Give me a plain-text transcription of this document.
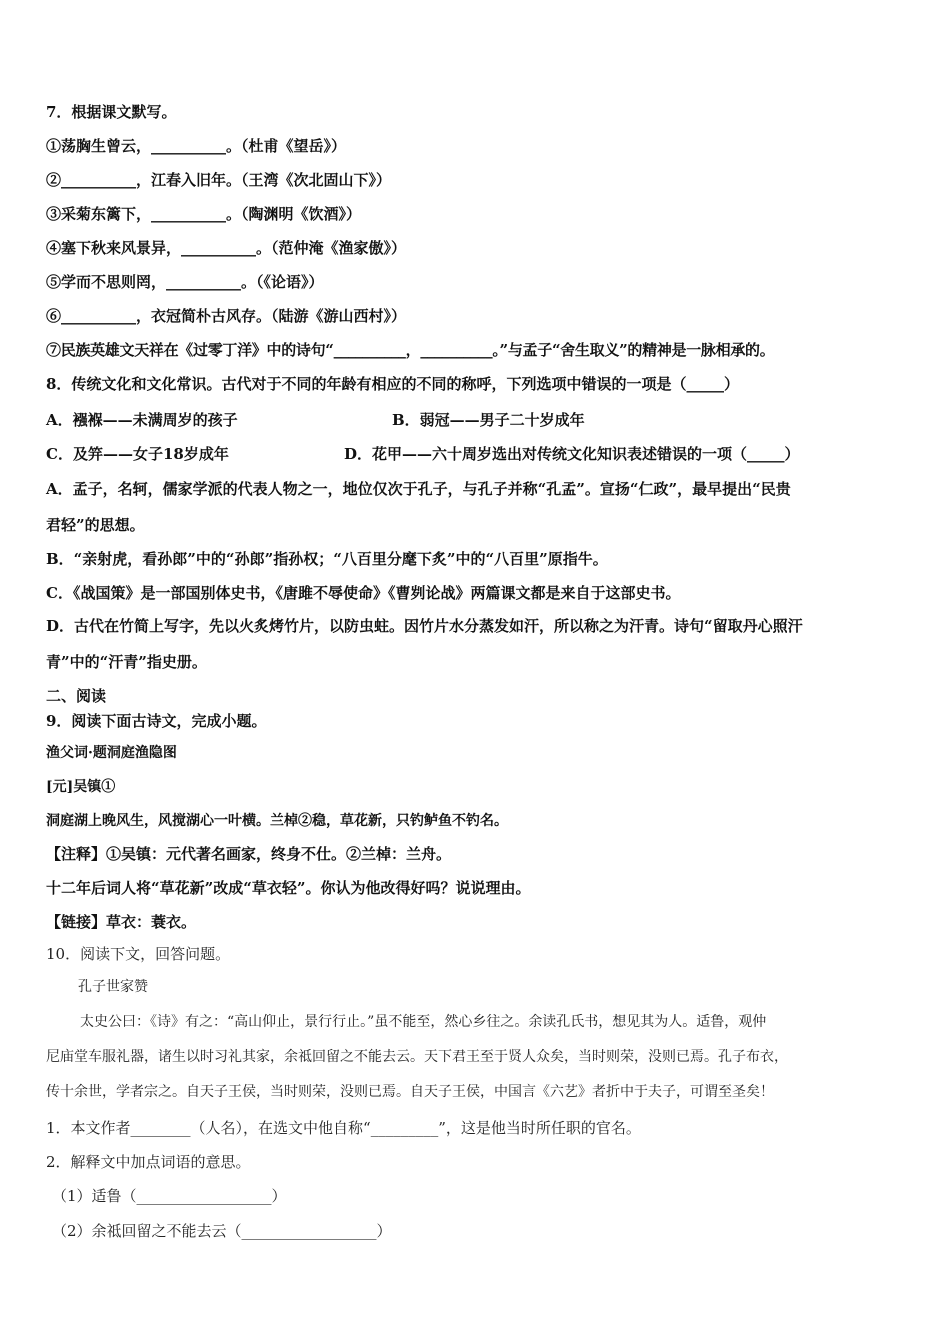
7．根据课文默写。
①荡胸生曾云，__________。（杜甫《望岳》）
②__________，江春入旧年。（王湾《次北固山下》）
③采菊东篱下，__________。（陶渊明《饮酒》）
④塞下秋来风景异，__________。（范仲淹《渔家傲》）
⑤学而不思则罔，__________。（《论语》）
⑥__________，衣冠简朴古风存。（陆游《游山西村》）
⑦民族英雄文天祥在《过零丁洋》中的诗句“__________，__________。”与孟子“舍生取义”的精神是一脉相承的。
8．传统文化和文化常识。古代对于不同的年龄有相应的不同的称呼，下列选项中错误的一项是（_____）
A．襁褓——未满周岁的孩子	B．弱冠——男子二十岁成年
C．及笄——女子18岁成年	D．花甲——六十周岁选出对传统文化知识表述错误的一项（_____）
A．孟子，名轲，儒家学派的代表人物之一，地位仅次于孔子，与孔子并称“孔孟”。宣扬“仁政”，最早提出“民贵
君轻”的思想。
B．“亲射虎，看孙郎”中的“孙郎”指孙权；“八百里分麾下炙”中的“八百里”原指牛。
C．《战国策》是一部国别体史书，《唐雎不辱使命》《曹刿论战》两篇课文都是来自于这部史书。
D．古代在竹简上写字，先以火炙烤竹片，以防虫蛀。因竹片水分蒸发如汗，所以称之为汗青。诗句“留取丹心照汗
青”中的“汗青”指史册。
二、阅读
9．阅读下面古诗文，完成小题。
渔父词·题洞庭渔隐图
[元]吴镇①
洞庭湖上晚风生，风搅湖心一叶横。兰棹②稳，草花新，只钓鲈鱼不钓名。
【注释】①吴镇：元代著名画家，终身不仕。②兰棹：兰舟。
十二年后词人将“草花新”改成“草衣轻”。你认为他改得好吗？说说理由。
【链接】草衣：蓑衣。
10．阅读下文，回答问题。
孔子世家赞
太史公曰：《诗》有之：“高山仰止，景行行止。”虽不能至，然心乡往之。余读孔氏书，想见其为人。适鲁，观仲
尼庙堂车服礼器，诸生以时习礼其家，余祗回留之不能去云。天下君王至于贤人众矣，当时则荣，没则已焉。孔子布衣，
传十余世，学者宗之。自天子王侯，当时则荣，没则已焉。自天子王侯，中国言《六艺》者折中于夫子，可谓至圣矣！
1．本文作者________（人名），在选文中他自称“_________”，这是他当时所任职的官名。
2．解释文中加点词语的意思。
（1）适鲁（__________________）
（2）余祗回留之不能去云（__________________）
